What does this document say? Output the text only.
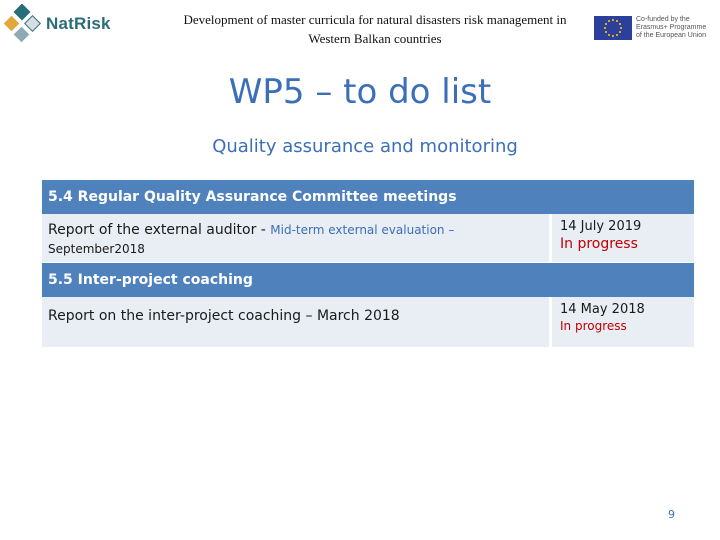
NatRisk	Development of master curricula for natural disasters risk management in
Western Balkan countries
Co-funded by the
Erasmus+ Programme
of the European Union
WP5 – to do list
Quality assurance and monitoring
5.4 Regular Quality Assurance Committee meetings
Report of the external auditor - Mid-term external evaluation –
September2018
14 July 2019
In progress
5.5 Inter-project coaching
Report on the inter-project coaching – March 2018	14 May 2018
In progress
9
